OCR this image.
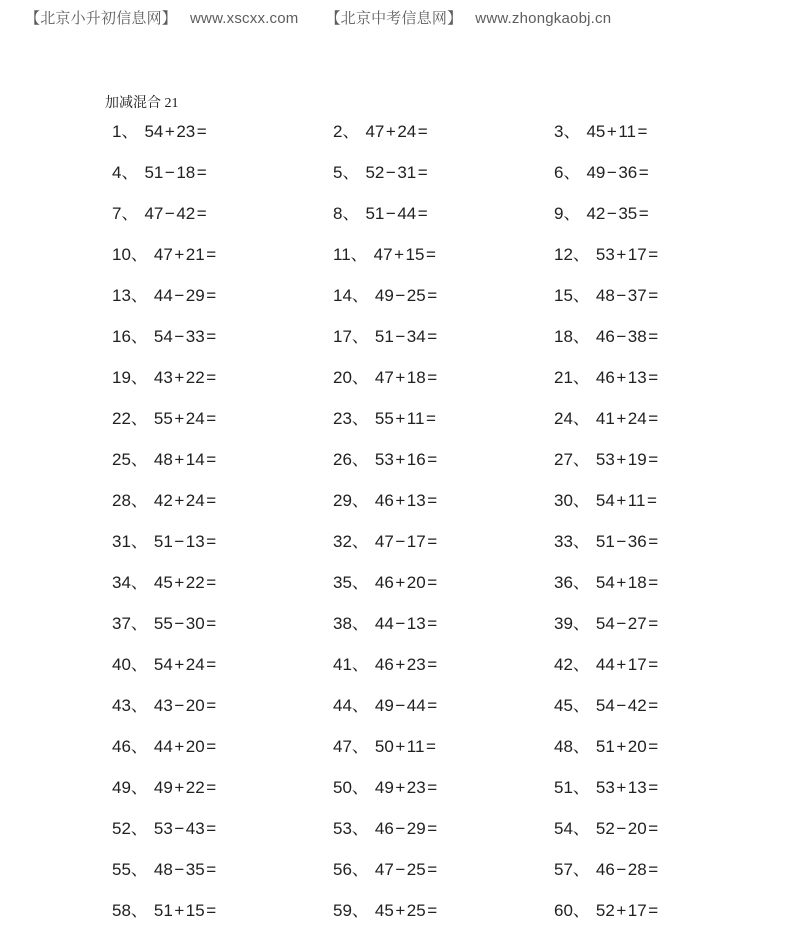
【北京小升初信息网】 www.xscxx.com 【北京中考信息网】 www.zhongkaobj.cn
加减混合 21
1、 54+23=	2、 47+24=	3、 45+11=
4、 51−18=	5、 52−31=	6、 49−36=
7、 47−42=	8、 51−44=	9、 42−35=
10、 47+21=	11、 47+15=	12、 53+17=
13、 44−29=	14、 49−25=	15、 48−37=
16、 54−33=	17、 51−34=	18、 46−38=
19、 43+22=	20、 47+18=	21、 46+13=
22、 55+24=	23、 55+11=	24、 41+24=
25、 48+14=	26、 53+16=	27、 53+19=
28、 42+24=	29、 46+13=	30、 54+11=
31、 51−13=	32、 47−17=	33、 51−36=
34、 45+22=	35、 46+20=	36、 54+18=
37、 55−30=	38、 44−13=	39、 54−27=
40、 54+24=	41、 46+23=	42、 44+17=
43、 43−20=	44、 49−44=	45、 54−42=
46、 44+20=	47、 50+11=	48、 51+20=
49、 49+22=	50、 49+23=	51、 53+13=
52、 53−43=	53、 46−29=	54、 52−20=
55、 48−35=	56、 47−25=	57、 46−28=
58、 51+15=	59、 45+25=	60、 52+17=
